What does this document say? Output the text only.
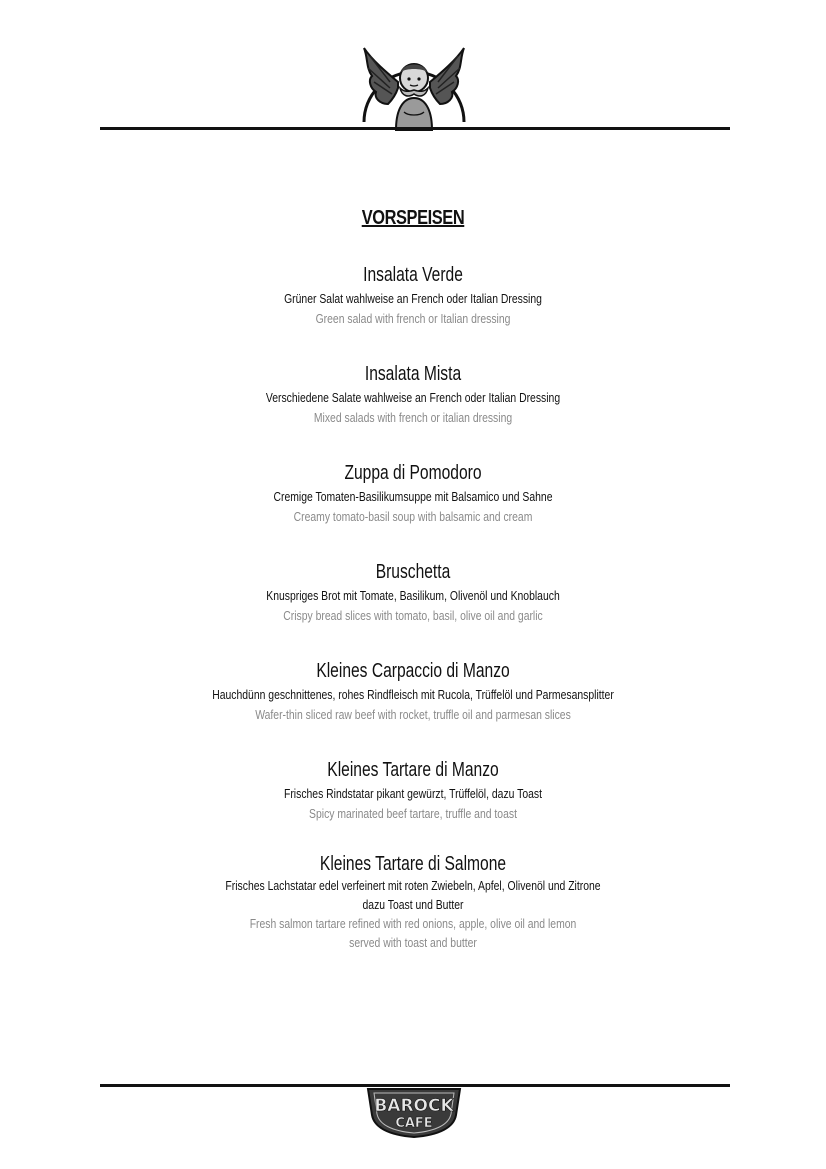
VORSPEISEN
Insalata Verde
Grüner Salat wahlweise an French oder Italian Dressing
Green salad with french or Italian dressing
Insalata Mista
Verschiedene Salate wahlweise an French oder Italian Dressing
Mixed salads with french or italian dressing
Zuppa di Pomodoro
Cremige Tomaten-Basilikumsuppe mit Balsamico und Sahne
Creamy tomato-basil soup with balsamic and cream
Bruschetta
Knuspriges Brot mit Tomate, Basilikum, Olivenöl und Knoblauch
Crispy bread slices with tomato, basil, olive oil and garlic
Kleines Carpaccio di Manzo
Hauchdünn geschnittenes, rohes Rindfleisch mit Rucola, Trüffelöl und Parmesansplitter
Wafer-thin sliced raw beef with rocket, truffle oil and parmesan slices
Kleines Tartare di Manzo
Frisches Rindstatar pikant gewürzt, Trüffelöl, dazu Toast
Spicy marinated beef tartare, truffle and toast
Kleines Tartare di Salmone
Frisches Lachstatar edel verfeinert mit roten Zwiebeln, Apfel, Olivenöl und Zitrone
dazu Toast und Butter
Fresh salmon tartare refined with red onions, apple, olive oil and lemon
served with toast and butter
BAROCK
CAFE
